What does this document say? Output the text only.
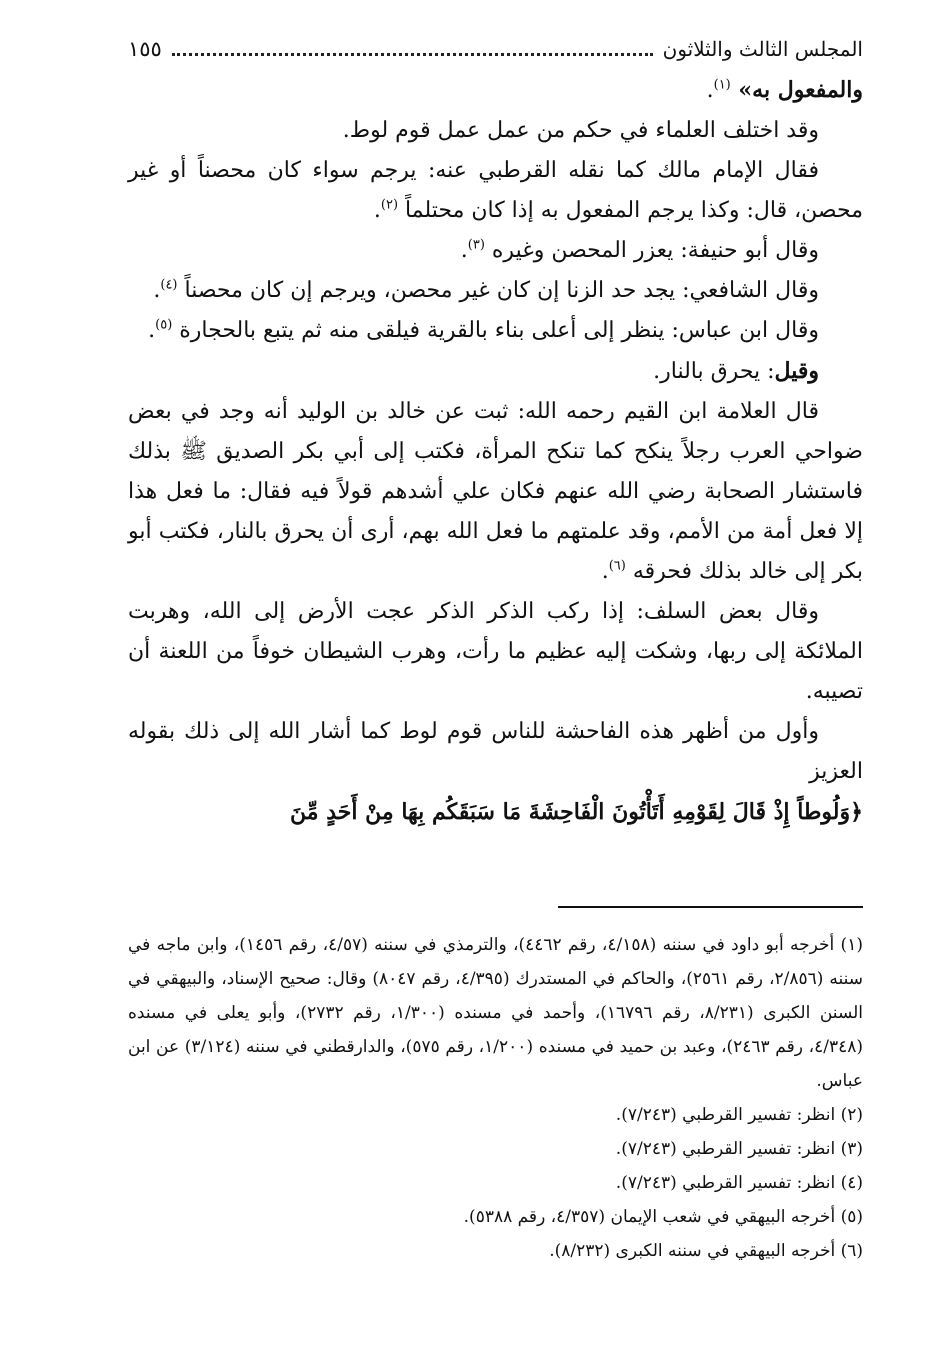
المجلس الثالث والثلاثون
١٥٥

والمفعول به» $^{(١)}$.

وقد اختلف العلماء في حكم من عمل عمل قوم لوط.

فقال الإمام مالك كما نقله القرطبي عنه: يرجم سواء كان محصناً أو غير محصن، قال: وكذا يرجم المفعول به إذا كان محتلماً $^{(٢)}$.

وقال أبو حنيفة: يعزر المحصن وغيره $^{(٣)}$.

وقال الشافعي: يجد حد الزنا إن كان غير محصن، ويرجم إن كان محصناً $^{(٤)}$.

وقال ابن عباس: ينظر إلى أعلى بناء بالقرية فيلقى منه ثم يتبع بالحجارة $^{(٥)}$.

وقيل: يحرق بالنار.

قال العلامة ابن القيم رحمه الله: ثبت عن خالد بن الوليد أنه وجد في بعض ضواحي العرب رجلاً ينكح كما تنكح المرأة، فكتب إلى أبي بكر الصديق ﷺ بذلك فاستشار الصحابة رضي الله عنهم فكان علي أشدهم قولاً فيه فقال: ما فعل هذا إلا فعل أمة من الأمم، وقد علمتهم ما فعل الله بهم، أرى أن يحرق بالنار، فكتب أبو بكر إلى خالد بذلك فحرقه $^{(٦)}$.

وقال بعض السلف: إذا ركب الذكر الذكر عجت الأرض إلى الله، وهربت الملائكة إلى ربها، وشكت إليه عظيم ما رأت، وهرب الشيطان خوفاً من اللعنة أن تصيبه.

وأول من أظهر هذه الفاحشة للناس قوم لوط كما أشار الله إلى ذلك بقوله العزيز

﴿وَلُوطاً إِذْ قَالَ لِقَوْمِهِ أَتَأْتُونَ الْفَاحِشَةَ مَا سَبَقَكُم بِهَا مِنْ أَحَدٍ مِّنَ

(١) أخرجه أبو داود في سننه (٤/١٥٨، رقم ٤٤٦٢)، والترمذي في سننه (٤/٥٧، رقم ١٤٥٦)، وابن ماجه في سننه (٢/٨٥٦، رقم ٢٥٦١)، والحاكم في المستدرك (٤/٣٩٥، رقم ٨٠٤٧) وقال: صحيح الإسناد، والبيهقي في السنن الكبرى (٨/٢٣١، رقم ١٦٧٩٦)، وأحمد في مسنده (١/٣٠٠، رقم ٢٧٣٢)، وأبو يعلى في مسنده (٤/٣٤٨، رقم ٢٤٦٣)، وعبد بن حميد في مسنده (١/٢٠٠، رقم ٥٧٥)، والدارقطني في سننه (٣/١٢٤) عن ابن عباس.

(٢) انظر: تفسير القرطبي (٧/٢٤٣).

(٣) انظر: تفسير القرطبي (٧/٢٤٣).

(٤) انظر: تفسير القرطبي (٧/٢٤٣).

(٥) أخرجه البيهقي في شعب الإيمان (٤/٣٥٧، رقم ٥٣٨٨).

(٦) أخرجه البيهقي في سننه الكبرى (٨/٢٣٢).
